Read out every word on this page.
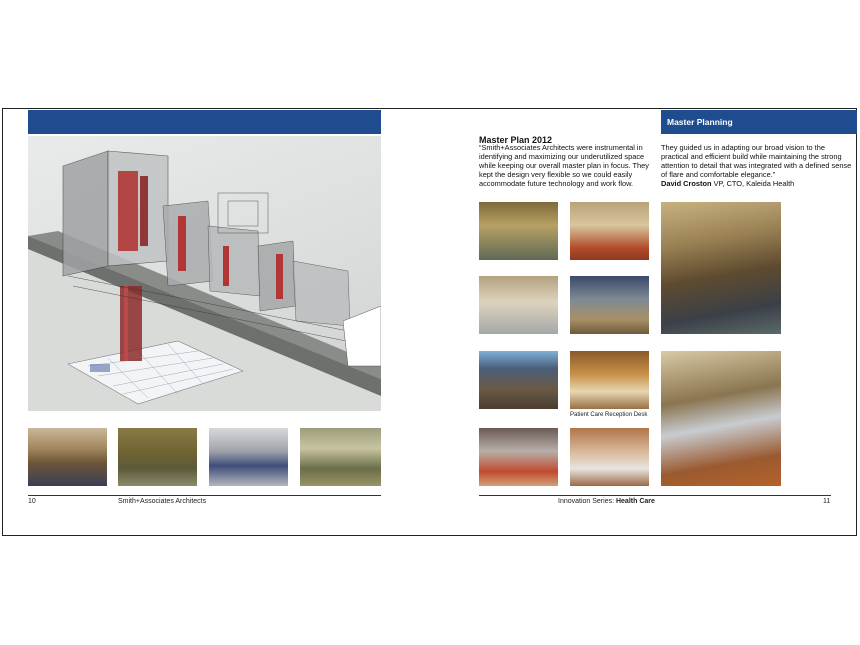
10	Smith+Associates Architects
Master Planning
Master Plan 2012
“Smith+Associates Architects were instrumental in identifying and maximizing our underutilized space while keeping our overall master plan in focus. They kept the design very flexible so we could easily accommodate future technology and work flow.
They guided us in adapting our broad vision to the practical and efficient build while maintaining the strong attention to detail that was integrated with a defined sense of flare and comfortable elegance.”
David Croston VP, CTO, Kaleida Health
Patient Care Reception Desk
Innovation Series: Health Care	11
